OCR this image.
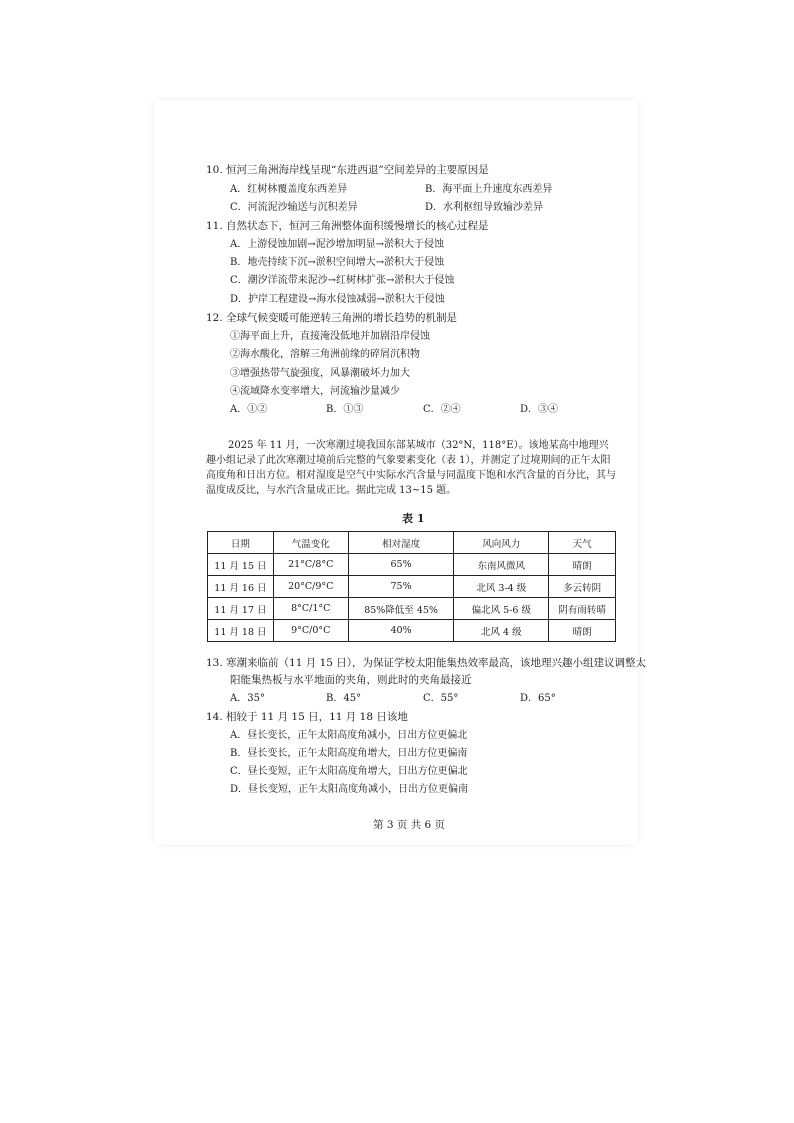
10. 恒河三角洲海岸线呈现“东进西退”空间差异的主要原因是
A．红树林覆盖度东西差异	B．海平面上升速度东西差异
C．河流泥沙输送与沉积差异	D．水利枢纽导致输沙差异
11. 自然状态下，恒河三角洲整体面积缓慢增长的核心过程是
A．上游侵蚀加剧→泥沙增加明显→淤积大于侵蚀
B．地壳持续下沉→淤积空间增大→淤积大于侵蚀
C．潮汐洋流带来泥沙→红树林扩张→淤积大于侵蚀
D．护岸工程建设→海水侵蚀减弱→淤积大于侵蚀
12. 全球气候变暖可能逆转三角洲的增长趋势的机制是
①海平面上升，直接淹没低地并加剧沿岸侵蚀
②海水酸化，溶解三角洲前缘的碎屑沉积物
③增强热带气旋强度，风暴潮破坏力加大
④流域降水变率增大，河流输沙量减少
A．①②	B．①③	C．②④	D．③④
2025 年 11 月，一次寒潮过境我国东部某城市（32°N，118°E）。该地某高中地理兴趣小组记录了此次寒潮过境前后完整的气象要素变化（表 1），并测定了过境期间的正午太阳高度角和日出方位。相对湿度是空气中实际水汽含量与同温度下饱和水汽含量的百分比，其与温度成反比，与水汽含量成正比。据此完成 13~15 题。
表 1
日期	气温变化	相对湿度	风向风力	天气
11 月 15 日	21°C/8°C	65%	东南风微风	晴朗
11 月 16 日	20°C/9°C	75%	北风 3-4 级	多云转阴
11 月 17 日	8°C/1°C	85%降低至 45%	偏北风 5-6 级	阴有雨转晴
11 月 18 日	9°C/0°C	40%	北风 4 级	晴朗
13. 寒潮来临前（11 月 15 日），为保证学校太阳能集热效率最高，该地理兴趣小组建议调整太
阳能集热板与水平地面的夹角，则此时的夹角最接近
A．35°	B．45°	C．55°	D．65°
14. 相较于 11 月 15 日，11 月 18 日该地
A．昼长变长，正午太阳高度角减小，日出方位更偏北
B．昼长变长，正午太阳高度角增大，日出方位更偏南
C．昼长变短，正午太阳高度角增大，日出方位更偏北
D．昼长变短，正午太阳高度角减小，日出方位更偏南
第 3 页 共 6 页
